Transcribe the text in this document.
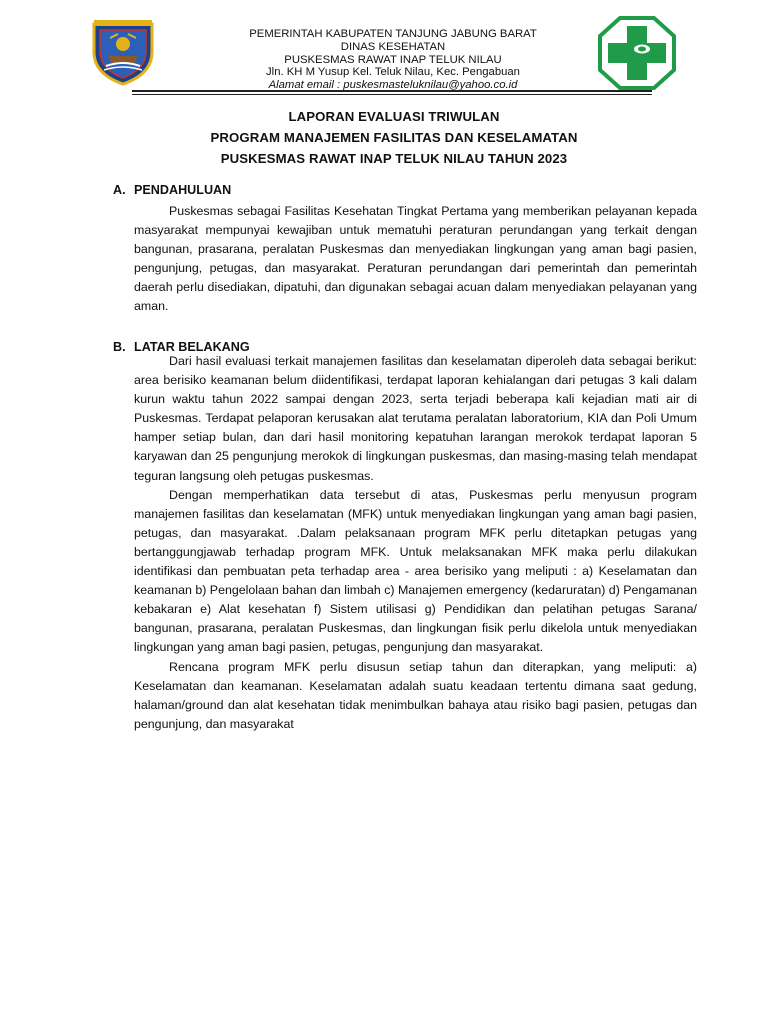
PEMERINTAH KABUPATEN TANJUNG JABUNG BARAT
DINAS KESEHATAN
PUSKESMAS RAWAT INAP TELUK NILAU
Jln. KH M Yusup Kel. Teluk Nilau, Kec. Pengabuan
Alamat email : puskesmasteluknilau@yahoo.co.id
LAPORAN EVALUASI TRIWULAN
PROGRAM MANAJEMEN FASILITAS DAN KESELAMATAN
PUSKESMAS RAWAT INAP TELUK NILAU TAHUN 2023
A. PENDAHULUAN

Puskesmas sebagai Fasilitas Kesehatan Tingkat Pertama yang memberikan pelayanan kepada masyarakat mempunyai kewajiban untuk mematuhi peraturan perundangan yang terkait dengan bangunan, prasarana, peralatan Puskesmas dan menyediakan lingkungan yang aman bagi pasien, pengunjung, petugas, dan masyarakat. Peraturan perundangan dari pemerintah dan pemerintah daerah perlu disediakan, dipatuhi, dan digunakan sebagai acuan dalam menyediakan pelayanan yang aman.

B. LATAR BELAKANG

Dari hasil evaluasi terkait manajemen fasilitas dan keselamatan diperoleh data sebagai berikut: area berisiko keamanan belum diidentifikasi, terdapat laporan kehialangan dari petugas 3 kali dalam kurun waktu tahun 2022 sampai dengan 2023, serta terjadi beberapa kali kejadian mati air di Puskesmas. Terdapat pelaporan kerusakan alat terutama peralatan laboratorium, KIA dan Poli Umum hamper setiap bulan, dan dari hasil monitoring kepatuhan larangan merokok terdapat laporan 5 karyawan dan 25 pengunjung merokok di lingkungan puskesmas, dan masing-masing telah mendapat teguran langsung oleh petugas puskesmas.

Dengan memperhatikan data tersebut di atas, Puskesmas perlu menyusun program manajemen fasilitas dan keselamatan (MFK) untuk menyediakan lingkungan yang aman bagi pasien, petugas, dan masyarakat. .Dalam pelaksanaan program MFK perlu ditetapkan petugas yang bertanggungjawab terhadap program MFK. Untuk melaksanakan MFK maka perlu dilakukan identifikasi dan pembuatan peta terhadap area - area berisiko yang meliputi : a) Keselamatan dan keamanan b) Pengelolaan bahan dan limbah c) Manajemen emergency (kedaruratan) d) Pengamanan kebakaran e) Alat kesehatan f) Sistem utilisasi g) Pendidikan dan pelatihan petugas Sarana/ bangunan, prasarana, peralatan Puskesmas, dan lingkungan fisik perlu dikelola untuk menyediakan lingkungan yang aman bagi pasien, petugas, pengunjung dan masyarakat.

Rencana program MFK perlu disusun setiap tahun dan diterapkan, yang meliputi: a) Keselamatan dan keamanan. Keselamatan adalah suatu keadaan tertentu dimana saat gedung, halaman/ground dan alat kesehatan tidak menimbulkan bahaya atau risiko bagi pasien, petugas dan pengunjung, dan masyarakat
